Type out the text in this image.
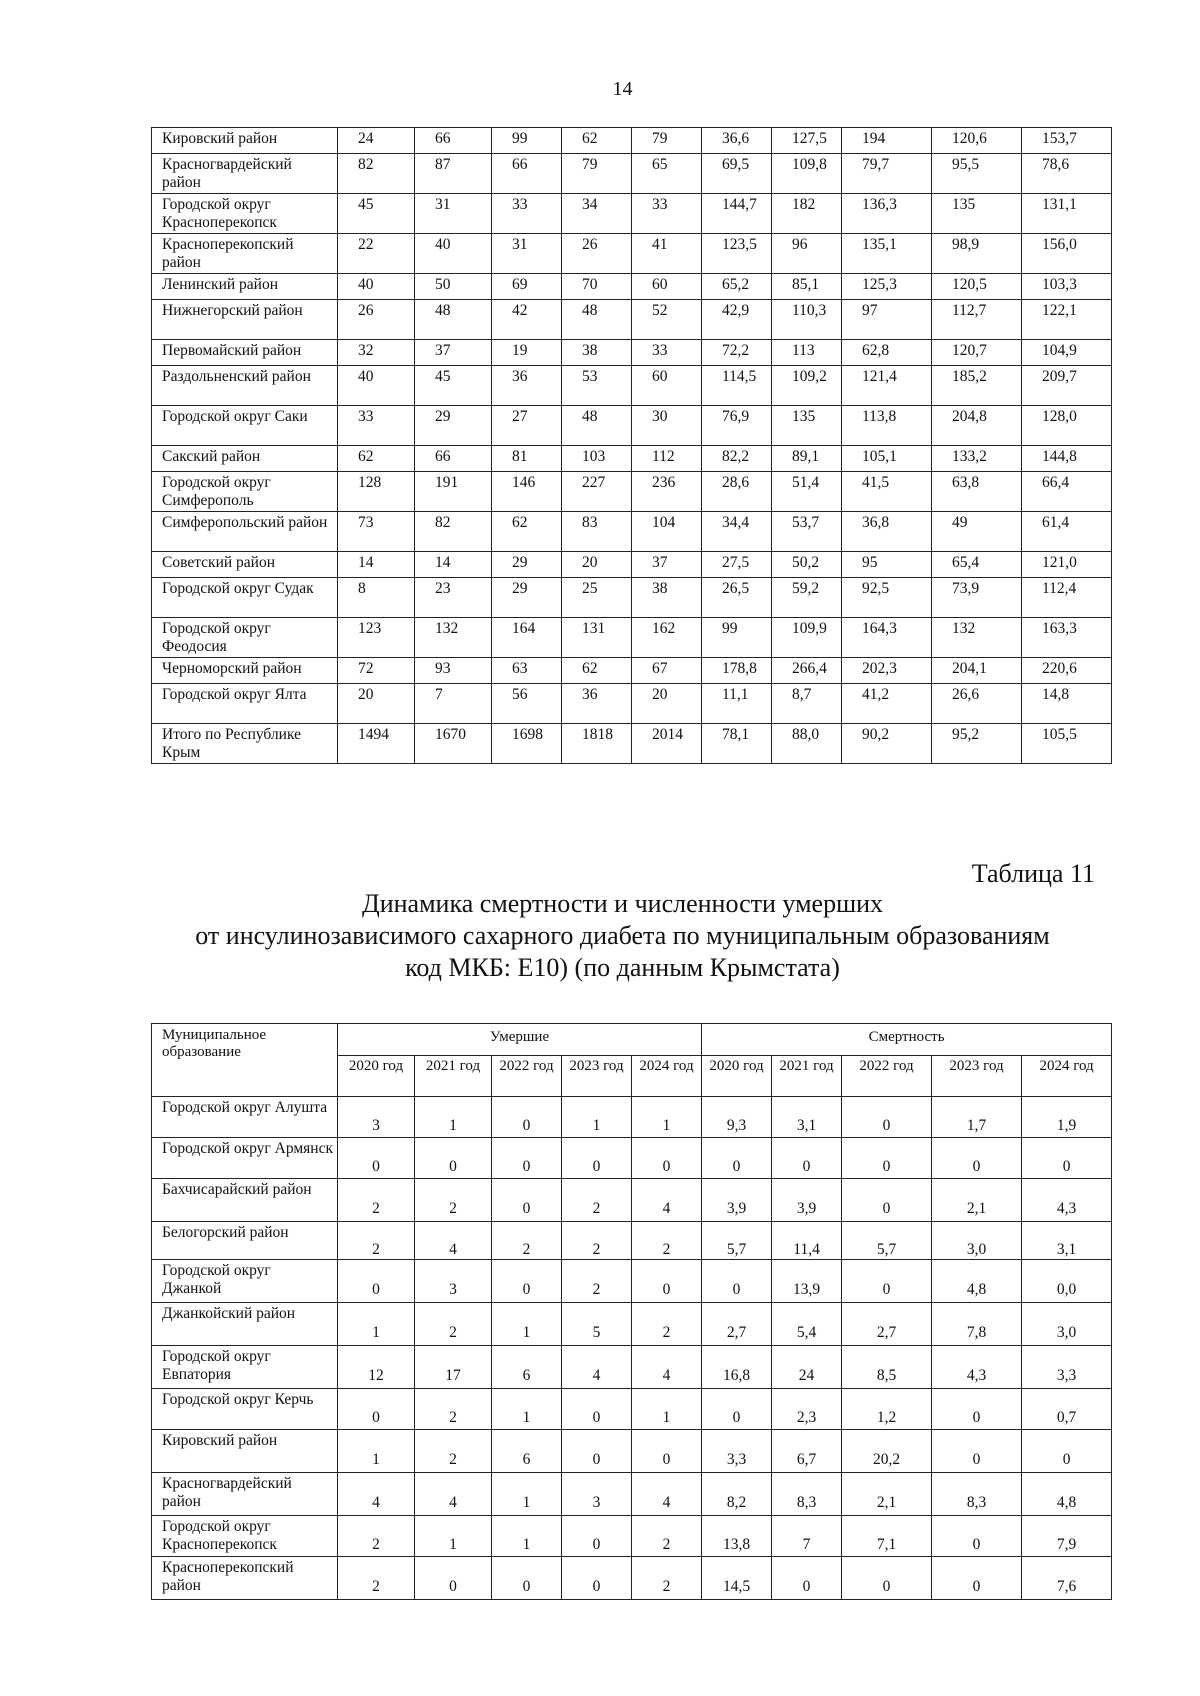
14
Кировский район	24	66	99	62	79	36,6	127,5	194	120,6	153,7
Красногвардейский район	82	87	66	79	65	69,5	109,8	79,7	95,5	78,6
Городской округ Красноперекопск	45	31	33	34	33	144,7	182	136,3	135	131,1
Красноперекопский район	22	40	31	26	41	123,5	96	135,1	98,9	156,0
Ленинский район	40	50	69	70	60	65,2	85,1	125,3	120,5	103,3
Нижнегорский район	26	48	42	48	52	42,9	110,3	97	112,7	122,1
Первомайский район	32	37	19	38	33	72,2	113	62,8	120,7	104,9
Раздольненский район	40	45	36	53	60	114,5	109,2	121,4	185,2	209,7
Городской округ Саки	33	29	27	48	30	76,9	135	113,8	204,8	128,0
Сакский район	62	66	81	103	112	82,2	89,1	105,1	133,2	144,8
Городской округ Симферополь	128	191	146	227	236	28,6	51,4	41,5	63,8	66,4
Симферопольский район	73	82	62	83	104	34,4	53,7	36,8	49	61,4
Советский район	14	14	29	20	37	27,5	50,2	95	65,4	121,0
Городской округ Судак	8	23	29	25	38	26,5	59,2	92,5	73,9	112,4
Городской округ Феодосия	123	132	164	131	162	99	109,9	164,3	132	163,3
Черноморский район	72	93	63	62	67	178,8	266,4	202,3	204,1	220,6
Городской округ Ялта	20	7	56	36	20	11,1	8,7	41,2	26,6	14,8
Итого по Республике Крым	1494	1670	1698	1818	2014	78,1	88,0	90,2	95,2	105,5
Таблица 11
Динамика смертности и численности умерших
от инсулинозависимого сахарного диабета по муниципальным образованиям
код МКБ: Е10) (по данным Крымстата)
Муниципальное образование	Умершие					Смертность				
	2020 год	2021 год	2022 год	2023 год	2024 год	2020 год	2021 год	2022 год	2023 год	2024 год
Городской округ Алушта	3	1	0	1	1	9,3	3,1	0	1,7	1,9
Городской округ Армянск	0	0	0	0	0	0	0	0	0	0
Бахчисарайский район	2	2	0	2	4	3,9	3,9	0	2,1	4,3
Белогорский район	2	4	2	2	2	5,7	11,4	5,7	3,0	3,1
Городской округ Джанкой	0	3	0	2	0	0	13,9	0	4,8	0,0
Джанкойский район	1	2	1	5	2	2,7	5,4	2,7	7,8	3,0
Городской округ Евпатория	12	17	6	4	4	16,8	24	8,5	4,3	3,3
Городской округ Керчь	0	2	1	0	1	0	2,3	1,2	0	0,7
Кировский район	1	2	6	0	0	3,3	6,7	20,2	0	0
Красногвардейский район	4	4	1	3	4	8,2	8,3	2,1	8,3	4,8
Городской округ Красноперекопск	2	1	1	0	2	13,8	7	7,1	0	7,9
Красноперекопский район	2	0	0	0	2	14,5	0	0	0	7,6
